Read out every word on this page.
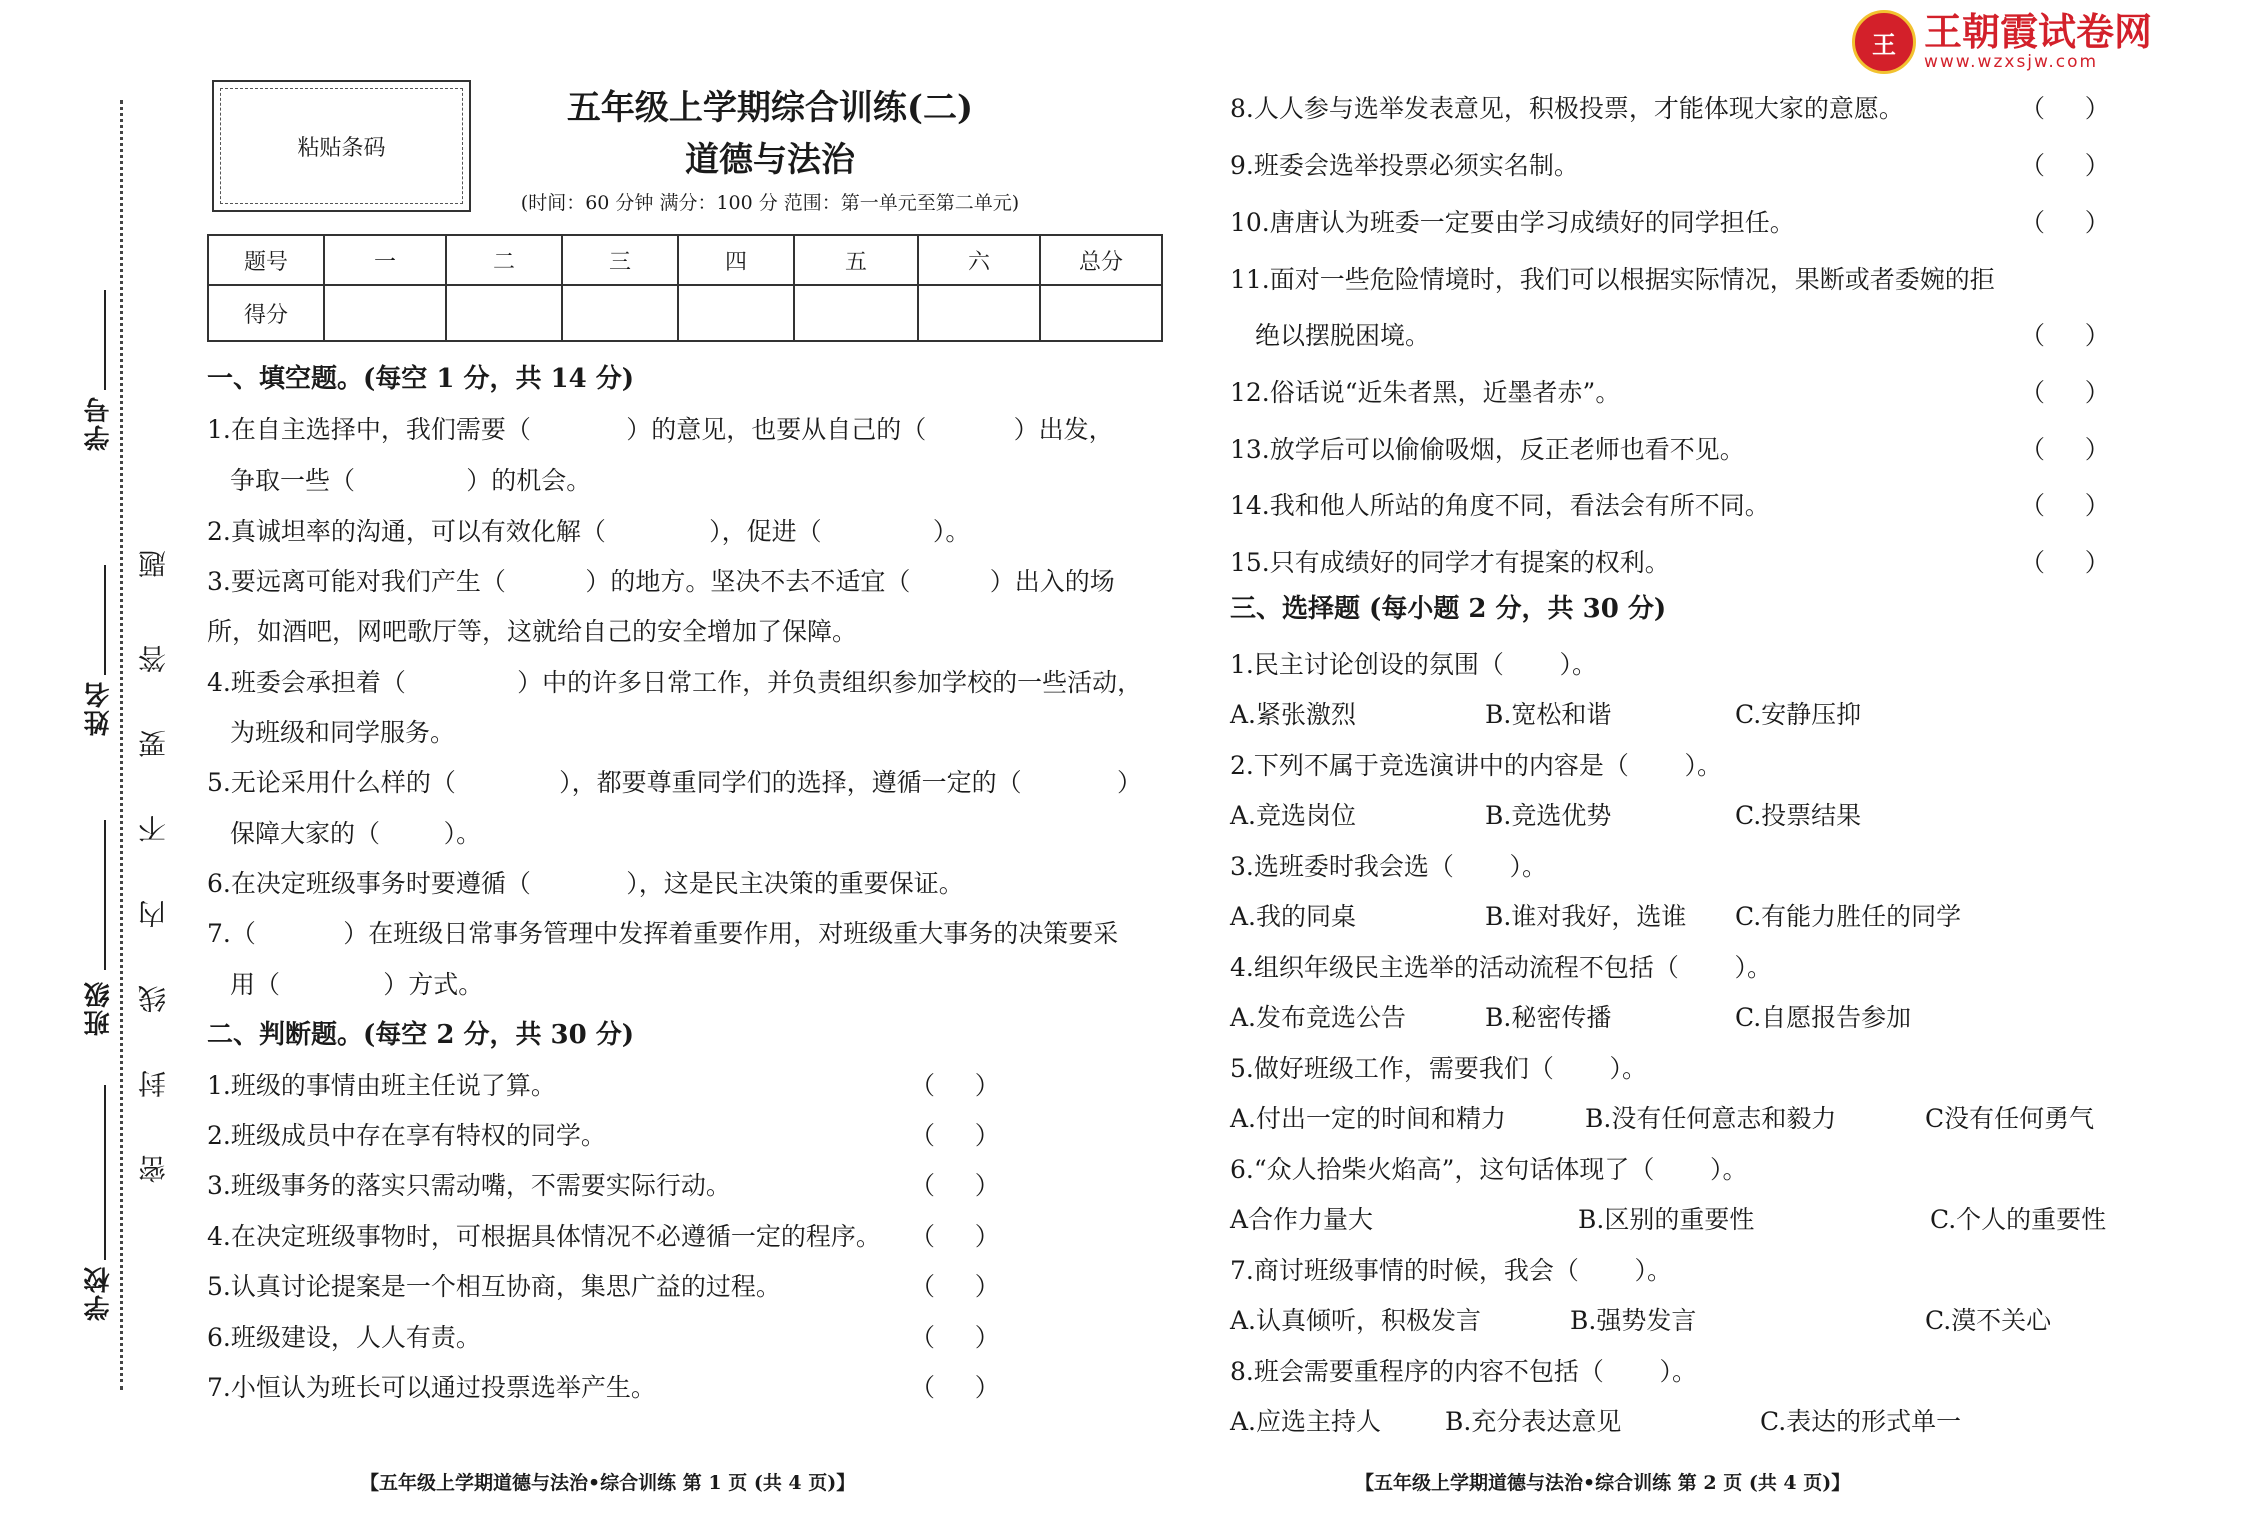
王 王朝霞试卷网
www.wzxsjw.com
学号
姓名
班级
学校
题
答
要
不
内
线
封
密
粘贴条码
五年级上学期综合训练(二)
道德与法治
(时间：60 分钟 满分：100 分 范围：第一单元至第二单元)
题号	一	二	三	四	五	六	总分
得分							
一、填空题。(每空 1 分，共 14 分)
1.在自主选择中，我们需要（            ）的意见，也要从自己的（           ）出发，
争取一些（              ）的机会。
2.真诚坦率的沟通，可以有效化解（             ），促进（              ）。
3.要远离可能对我们产生（          ）的地方。坚决不去不适宜（          ）出入的场
所，如酒吧，网吧歌厅等，这就给自己的安全增加了保障。
4.班委会承担着（              ）中的许多日常工作，并负责组织参加学校的一些活动，
为班级和同学服务。
5.无论采用什么样的（             ），都要尊重同学们的选择，遵循一定的（            ）
保障大家的（        ）。
6.在决定班级事务时要遵循（            ），这是民主决策的重要保证。
7.（           ）在班级日常事务管理中发挥着重要作用，对班级重大事务的决策要采
用（             ）方式。
二、判断题。(每空 2 分，共 30 分)
1.班级的事情由班主任说了算。	（     ）
2.班级成员中存在享有特权的同学。	（     ）
3.班级事务的落实只需动嘴，不需要实际行动。	（     ）
4.在决定班级事物时，可根据具体情况不必遵循一定的程序。 （     ）
5.认真讨论提案是一个相互协商，集思广益的过程。	（     ）
6.班级建设，人人有责。	（     ）
7.小恒认为班长可以通过投票选举产生。	（     ）
8.人人参与选举发表意见，积极投票，才能体现大家的意愿。	（     ）
9.班委会选举投票必须实名制。	（     ）
10.唐唐认为班委一定要由学习成绩好的同学担任。	（     ）
11.面对一些危险情境时，我们可以根据实际情况，果断或者委婉的拒
绝以摆脱困境。	（     ）
12.俗话说“近朱者黑，近墨者赤”。	（     ）
13.放学后可以偷偷吸烟，反正老师也看不见。	（     ）
14.我和他人所站的角度不同，看法会有所不同。	（     ）
15.只有成绩好的同学才有提案的权利。	（     ）
三、选择题 (每小题 2 分，共 30 分)
1.民主讨论创设的氛围（       ）。
A.紧张激烈	B.宽松和谐	C.安静压抑
2.下列不属于竞选演讲中的内容是（       ）。
A.竞选岗位	B.竞选优势	C.投票结果
3.选班委时我会选（       ）。
A.我的同桌	B.谁对我好，选谁 C.有能力胜任的同学
4.组织年级民主选举的活动流程不包括（       ）。
A.发布竞选公告	B.秘密传播	C.自愿报告参加
5.做好班级工作，需要我们（       ）。
A.付出一定的时间和精力	B.没有任何意志和毅力	C没有任何勇气
6.“众人拾柴火焰高”，这句话体现了（       ）。
A合作力量大	B.区别的重要性	C.个人的重要性
7.商讨班级事情的时候，我会（       ）。
A.认真倾听，积极发言	B.强势发言	C.漠不关心
8.班会需要重程序的内容不包括（       ）。
A.应选主持人	B.充分表达意见	C.表达的形式单一
【五年级上学期道德与法治•综合训练 第 1 页 (共 4 页)】	【五年级上学期道德与法治•综合训练 第 2 页 (共 4 页)】
